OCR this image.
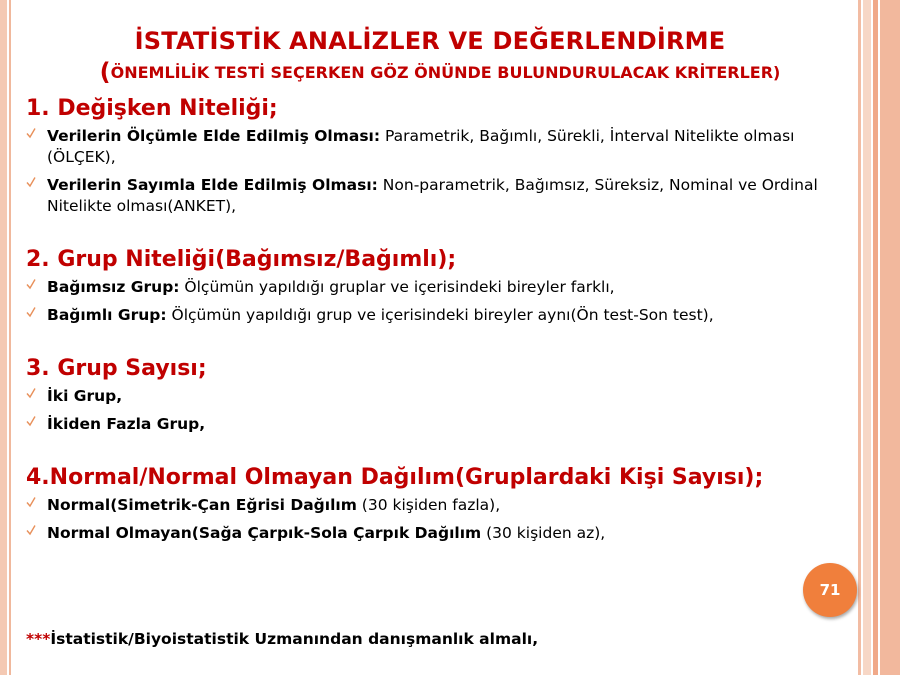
İSTATİSTİK ANALİZLER VE DEĞERLENDİRME
(ÖNEMLİLİK TESTİ SEÇERKEN GÖZ ÖNÜNDE BULUNDURULACAK KRİTERLER)
1. Değişken Niteliği;
Verilerin Ölçümle Elde Edilmiş Olması: Parametrik, Bağımlı, Sürekli, İnterval Nitelikte olması (ÖLÇEK),
Verilerin Sayımla Elde Edilmiş Olması: Non-parametrik, Bağımsız, Süreksiz, Nominal ve Ordinal Nitelikte olması(ANKET),
2. Grup Niteliği(Bağımsız/Bağımlı);
Bağımsız Grup: Ölçümün yapıldığı gruplar ve içerisindeki bireyler farklı,
Bağımlı Grup: Ölçümün yapıldığı grup ve içerisindeki bireyler aynı(Ön test-Son test),
3. Grup Sayısı;
İki Grup,
İkiden Fazla Grup,
4.Normal/Normal Olmayan Dağılım(Gruplardaki Kişi Sayısı);
Normal(Simetrik-Çan Eğrisi Dağılım (30 kişiden fazla),
Normal Olmayan(Sağa Çarpık-Sola Çarpık Dağılım (30 kişiden az),
***İstatistik/Biyoistatistik Uzmanından danışmanlık almalı,
71
